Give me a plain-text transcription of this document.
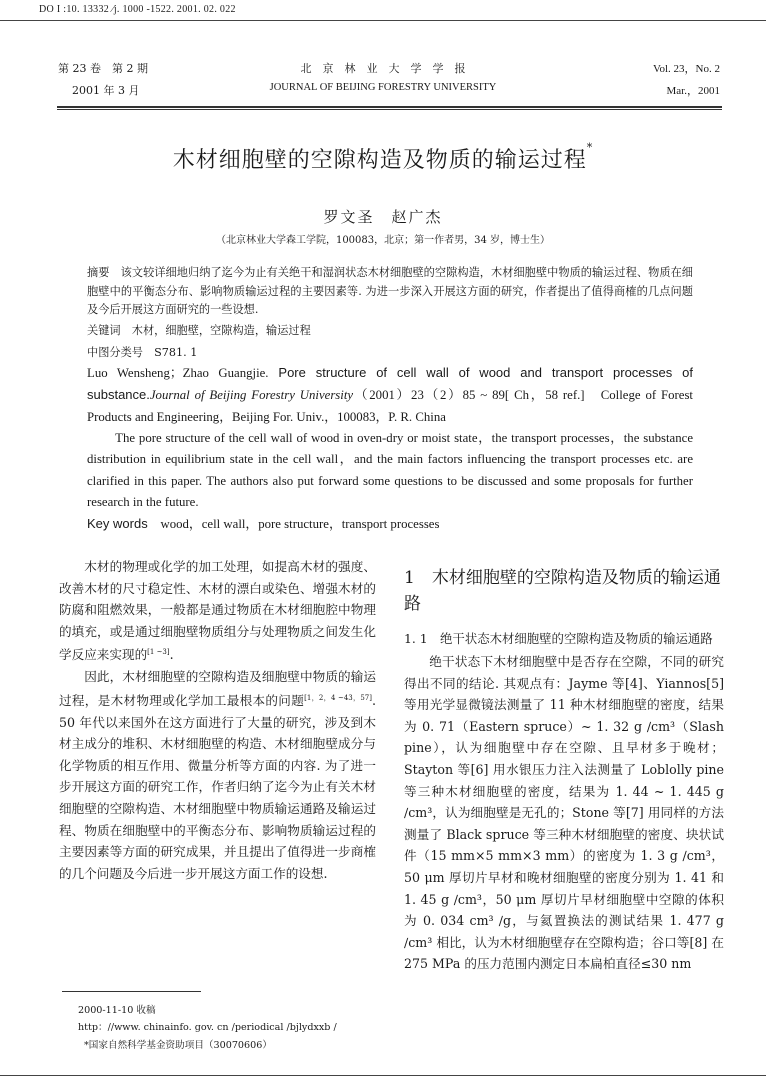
DO I :10. 13332 ∕j. 1000 -1522. 2001. 02. 022
第 23 卷　第 2 期
2001 年 3 月
北　京　林　业　大　学　学　报
JOURNAL OF BEIJING FORESTRY UNIVERSITY
Vol. 23，No. 2
Mar.，2001
木材细胞壁的空隙构造及物质的输运过程*
罗文圣　赵广杰
（北京林业大学森工学院，100083，北京；第一作者男，34 岁，博士生）
摘要　该文较详细地归纳了迄今为止有关绝干和湿润状态木材细胞壁的空隙构造，木材细胞壁中物质的输运过程、物质在细胞壁中的平衡态分布、影响物质输运过程的主要因素等. 为进一步深入开展这方面的研究，作者提出了值得商榷的几点问题及今后开展这方面研究的一些设想.
关键词　木材，细胞壁，空隙构造，输运过程
中图分类号　S781. 1
Luo Wensheng；Zhao Guangjie. Pore structure of cell wall of wood and transport processes of substance.Journal of Beijing Forestry University（2001）23（2）85 ~ 89[ Ch，58 ref.]　College of Forest Products and Engineering，Beijing For. Univ.，100083，P. R. China
The pore structure of the cell wall of wood in oven-dry or moist state，the transport processes，the substance distribution in equilibrium state in the cell wall，and the main factors influencing the transport processes etc. are clarified in this paper. The authors also put forward some questions to be discussed and some proposals for further research in the future.
Key words　 wood，cell wall，pore structure，transport processes

木材的物理或化学的加工处理，如提高木材的强度、改善木材的尺寸稳定性、木材的漂白或染色、增强木材的防腐和阻燃效果，一般都是通过物质在木材细胞腔中物理的填充，或是通过细胞壁物质组分与处理物质之间发生化学反应来实现的[1 ~3].

因此，木材细胞壁的空隙构造及细胞壁中物质的输运过程，是木材物理或化学加工最根本的问题[1，2，4 ~43，57]. 50 年代以来国外在这方面进行了大量的研究，涉及到木材主成分的堆积、木材细胞壁的构造、木材细胞壁成分与化学物质的相互作用、微量分析等方面的内容. 为了进一步开展这方面的研究工作，作者归纳了迄今为止有关木材细胞壁的空隙构造、木材细胞壁中物质输运通路及输运过程、物质在细胞壁中的平衡态分布、影响物质输运过程的主要因素等方面的研究成果，并且提出了值得进一步商榷的几个问题及今后进一步开展这方面工作的设想.

1　木材细胞壁的空隙构造及物质的输运通路
1. 1　绝干状态木材细胞壁的空隙构造及物质的输运通路
绝干状态下木材细胞壁中是否存在空隙，不同的研究得出不同的结论. 其观点有：Jayme 等[4]、Yiannos[5] 等用光学显微镜法测量了 11 种木材细胞壁的密度，结果为 0. 71（Eastern spruce）~ 1. 32 g ∕cm³（Slash pine），认为细胞壁中存在空隙、且早材多于晚材；Stayton 等[6] 用水银压力注入法测量了 Loblolly pine 等三种木材细胞壁的密度，结果为 1. 44 ~ 1. 445 g ∕cm³，认为细胞壁是无孔的；Stone 等[7] 用同样的方法测量了 Black spruce 等三种木材细胞壁的密度、块状试件（15 mm×5 mm×3 mm）的密度为 1. 3 g ∕cm³，50 μm 厚切片早材和晚材细胞壁的密度分别为 1. 41 和 1. 45 g ∕cm³，50 μm 厚切片早材细胞壁中空隙的体积为 0. 034 cm³ ∕g，与氦置换法的测试结果 1. 477 g ∕cm³ 相比，认为木材细胞壁存在空隙构造；谷口等[8] 在 275 MPa 的压力范围内测定日本扁柏直径≤30 nm
2000-11-10 收稿
http：∕∕www. chinainfo. gov. cn ∕periodical ∕bjlydxxb ∕
*国家自然科学基金资助项目（30070606）
